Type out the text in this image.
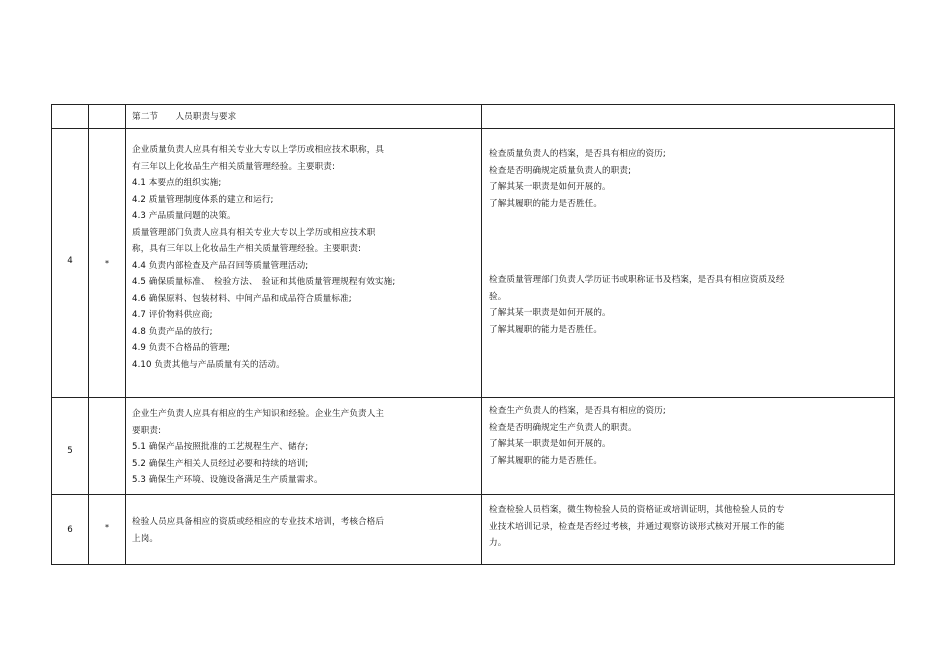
第二节　　人员职责与要求
4	*
企业质量负责人应具有相关专业大专以上学历或相应技术职称，具
有三年以上化妆品生产相关质量管理经验。主要职责:
4.1 本要点的组织实施;
4.2 质量管理制度体系的建立和运行;
4.3 产品质量问题的决策。
质量管理部门负责人应具有相关专业大专以上学历或相应技术职
称，具有三年以上化妆品生产相关质量管理经验。主要职责:
4.4 负责内部检查及产品召回等质量管理活动;
4.5 确保质量标准、　检验方法、　验证和其他质量管理规程有效实施;
4.6 确保原料、包装材料、中间产品和成品符合质量标准;
4.7 评价物料供应商;
4.8 负责产品的放行;
4.9 负责不合格品的管理;
4.10 负责其他与产品质量有关的活动。
检查质量负责人的档案，是否具有相应的资历;
检查是否明确规定质量负责人的职责;
了解其某一职责是如何开展的。
了解其履职的能力是否胜任。
检查质量管理部门负责人学历证书或职称证书及档案，是否具有相应资质及经
验。
了解其某一职责是如何开展的。
了解其履职的能力是否胜任。
5
企业生产负责人应具有相应的生产知识和经验。企业生产负责人主
要职责:
5.1 确保产品按照批准的工艺规程生产、储存;
5.2 确保生产相关人员经过必要和持续的培训;
5.3 确保生产环境、设施设备满足生产质量需求。
检查生产负责人的档案，是否具有相应的资历;
检查是否明确规定生产负责人的职责。
了解其某一职责是如何开展的。
了解其履职的能力是否胜任。
6	*
检验人员应具备相应的资质或经相应的专业技术培训，考核合格后
上岗。
检查检验人员档案，微生物检验人员的资格证或培训证明，其他检验人员的专
业技术培训记录，检查是否经过考核，并通过观察访谈形式核对开展工作的能
力。
